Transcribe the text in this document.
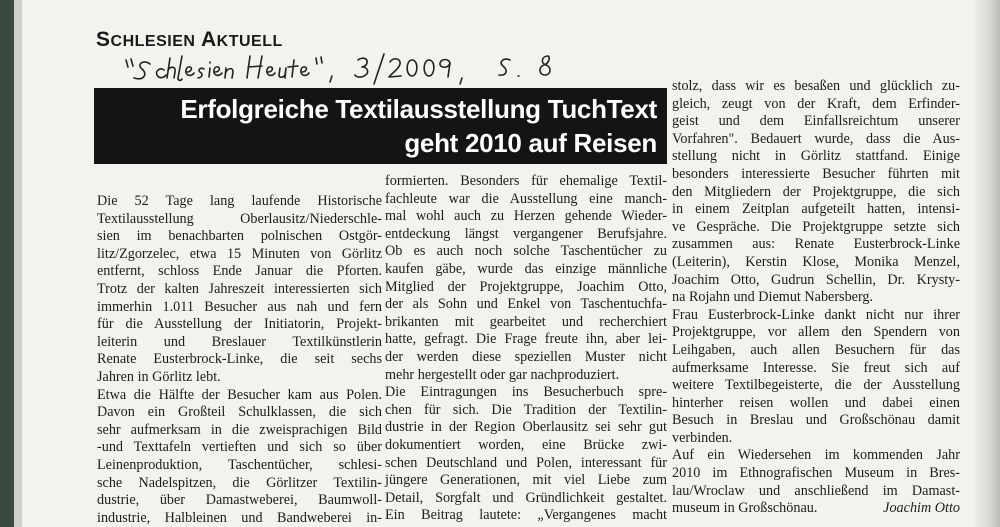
SCHLESIEN AKTUELL
"Schlesien Heute", 3/2009, S. 8
Erfolgreiche Textilausstellung TuchText
geht 2010 auf Reisen
Die 52 Tage lang laufende Historische
Textilausstellung Oberlausitz/Niederschle-
sien im benachbarten polnischen Ostgör-
litz/Zgorzelec, etwa 15 Minuten von Görlitz
entfernt, schloss Ende Januar die Pforten.
Trotz der kalten Jahreszeit interessierten sich
immerhin 1.011 Besucher aus nah und fern
für die Ausstellung der Initiatorin, Projekt-
leiterin und Breslauer Textilkünstlerin
Renate Eusterbrock-Linke, die seit sechs
Jahren in Görlitz lebt.
Etwa die Hälfte der Besucher kam aus Polen.
Davon ein Großteil Schulklassen, die sich
sehr aufmerksam in die zweisprachigen Bild
-und Texttafeln vertieften und sich so über
Leinenproduktion, Taschentücher, schlesi-
sche Nadelspitzen, die Görlitzer Textilin-
dustrie, über Damastweberei, Baumwoll-
industrie, Halbleinen und Bandweberei in-
formierten. Besonders für ehemalige Textil-
fachleute war die Ausstellung eine manch-
mal wohl auch zu Herzen gehende Wieder-
entdeckung längst vergangener Berufsjahre.
Ob es auch noch solche Taschentücher zu
kaufen gäbe, wurde das einzige männliche
Mitglied der Projektgruppe, Joachim Otto,
der als Sohn und Enkel von Taschentuchfa-
brikanten mit gearbeitet und recherchiert
hatte, gefragt. Die Frage freute ihn, aber lei-
der werden diese speziellen Muster nicht
mehr hergestellt oder gar nachproduziert.
Die Eintragungen ins Besucherbuch spre-
chen für sich. Die Tradition der Textilin-
dustrie in der Region Oberlausitz sei sehr gut
dokumentiert worden, eine Brücke zwi-
schen Deutschland und Polen, interessant für
jüngere Generationen, mit viel Liebe zum
Detail, Sorgfalt und Gründlichkeit gestaltet.
Ein Beitrag lautete: „Vergangenes macht
stolz, dass wir es besaßen und glücklich zu-
gleich, zeugt von der Kraft, dem Erfinder-
geist und dem Einfallsreichtum unserer
Vorfahren". Bedauert wurde, dass die Aus-
stellung nicht in Görlitz stattfand. Einige
besonders interessierte Besucher führten mit
den Mitgliedern der Projektgruppe, die sich
in einem Zeitplan aufgeteilt hatten, intensi-
ve Gespräche. Die Projektgruppe setzte sich
zusammen aus: Renate Eusterbrock-Linke
(Leiterin), Kerstin Klose, Monika Menzel,
Joachim Otto, Gudrun Schellin, Dr. Krysty-
na Rojahn und Diemut Nabersberg.
Frau Eusterbrock-Linke dankt nicht nur ihrer
Projektgruppe, vor allem den Spendern von
Leihgaben, auch allen Besuchern für das
aufmerksame Interesse. Sie freut sich auf
weitere Textilbegeisterte, die der Ausstellung
hinterher reisen wollen und dabei einen
Besuch in Breslau und Großschönau damit
verbinden.
Auf ein Wiedersehen im kommenden Jahr
2010 im Ethnografischen Museum in Bres-
lau/Wroclaw und anschließend im Damast-
museum in Großschönau.	Joachim Otto
